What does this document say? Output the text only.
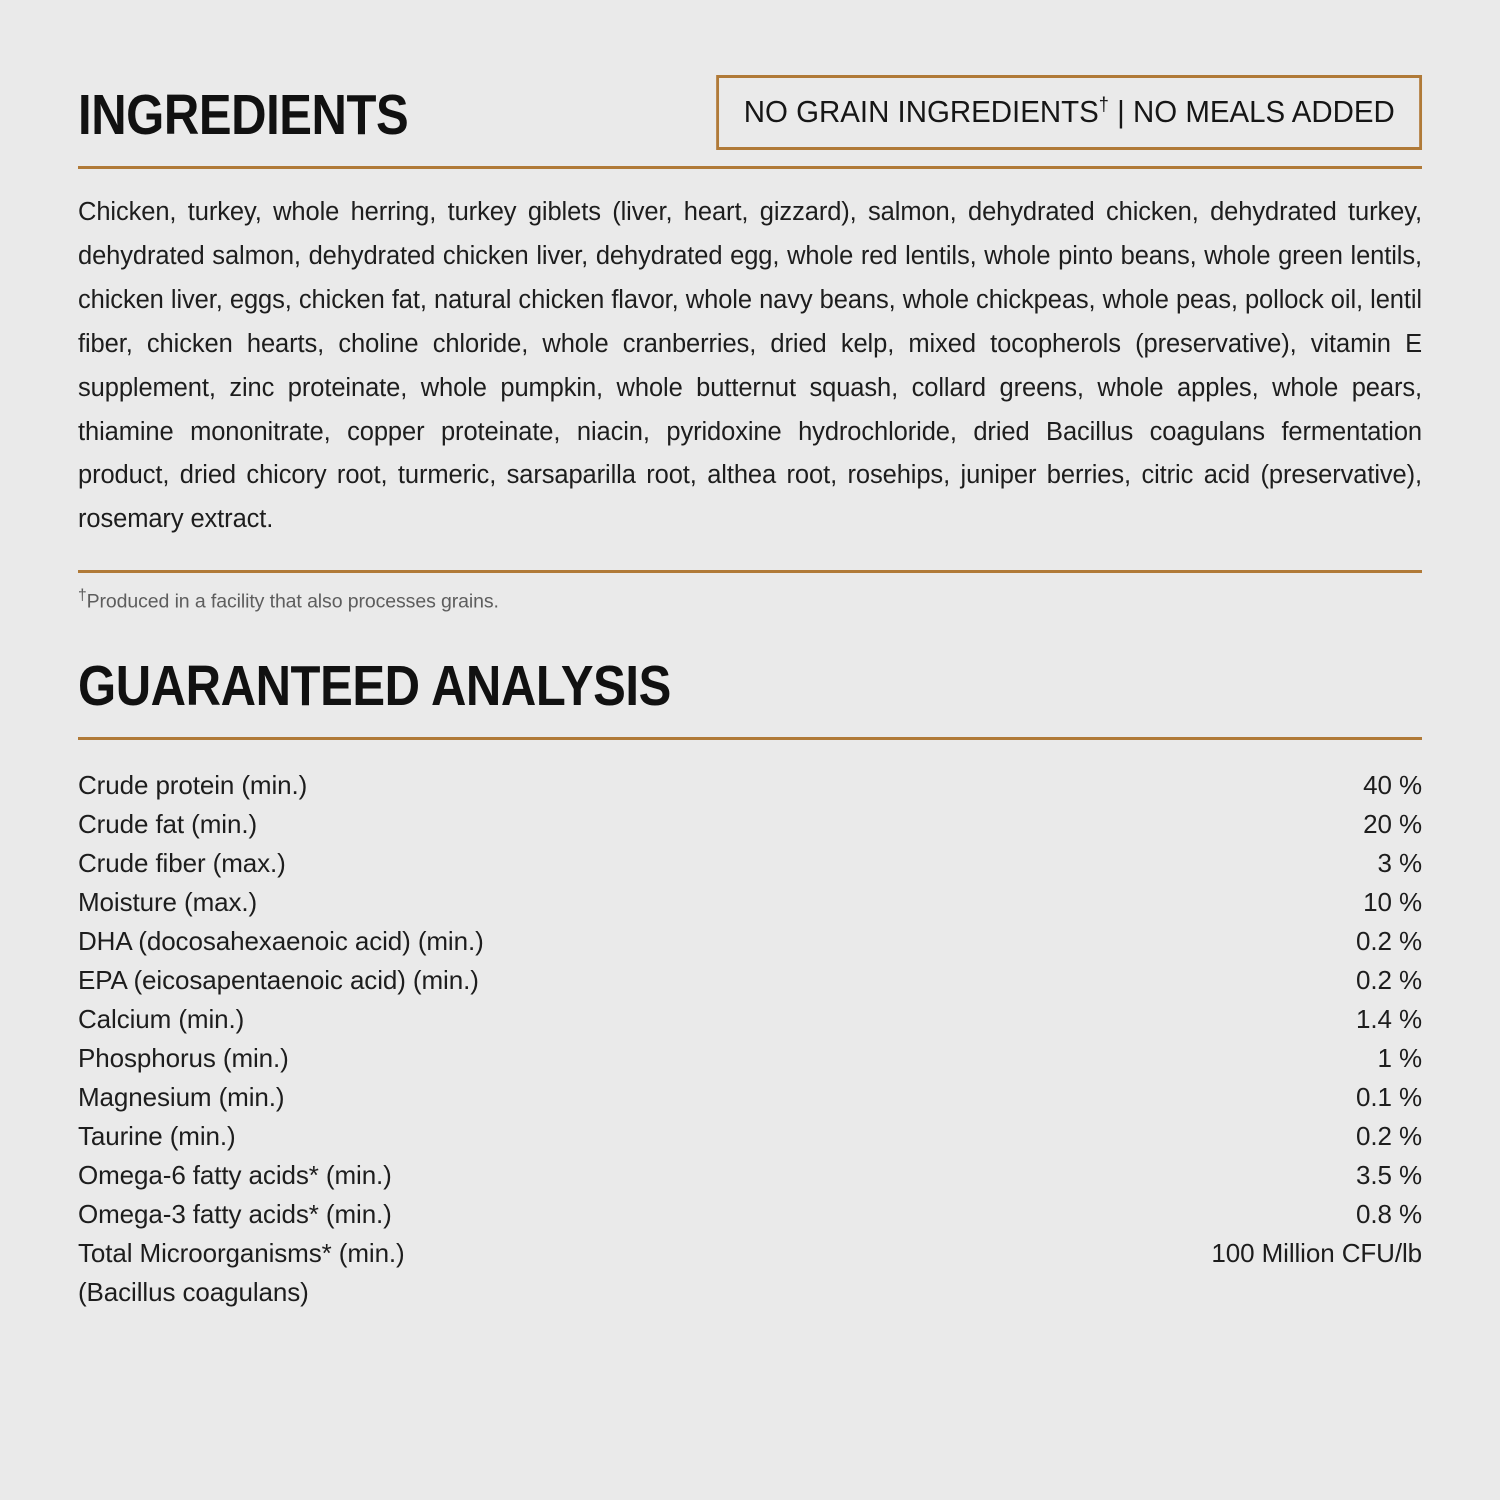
INGREDIENTS	NO GRAIN INGREDIENTS† | NO MEALS ADDED

Chicken, turkey, whole herring, turkey giblets (liver, heart, gizzard), salmon, dehydrated chicken, dehydrated turkey, dehydrated salmon, dehydrated chicken liver, dehydrated egg, whole red lentils, whole pinto beans, whole green lentils, chicken liver, eggs, chicken fat, natural chicken flavor, whole navy beans, whole chickpeas, whole peas, pollock oil, lentil fiber, chicken hearts, choline chloride, whole cranberries, dried kelp, mixed tocopherols (preservative), vitamin E supplement, zinc proteinate, whole pumpkin, whole butternut squash, collard greens, whole apples, whole pears, thiamine mononitrate, copper proteinate, niacin, pyridoxine hydrochloride, dried Bacillus coagulans fermentation product, dried chicory root, turmeric, sarsaparilla root, althea root, rosehips, juniper berries, citric acid (preservative), rosemary extract.

†Produced in a facility that also processes grains.
GUARANTEED ANALYSIS
Crude protein (min.)	40 %
Crude fat (min.)	20 %
Crude fiber (max.)	3 %
Moisture (max.)	10 %
DHA (docosahexaenoic acid) (min.)	0.2 %
EPA (eicosapentaenoic acid) (min.)	0.2 %
Calcium (min.)	1.4 %
Phosphorus (min.)	1 %
Magnesium (min.)	0.1 %
Taurine (min.)	0.2 %
Omega-6 fatty acids* (min.)	3.5 %
Omega-3 fatty acids* (min.)	0.8 %
Total Microorganisms* (min.)	100 Million CFU/lb
(Bacillus coagulans)	
